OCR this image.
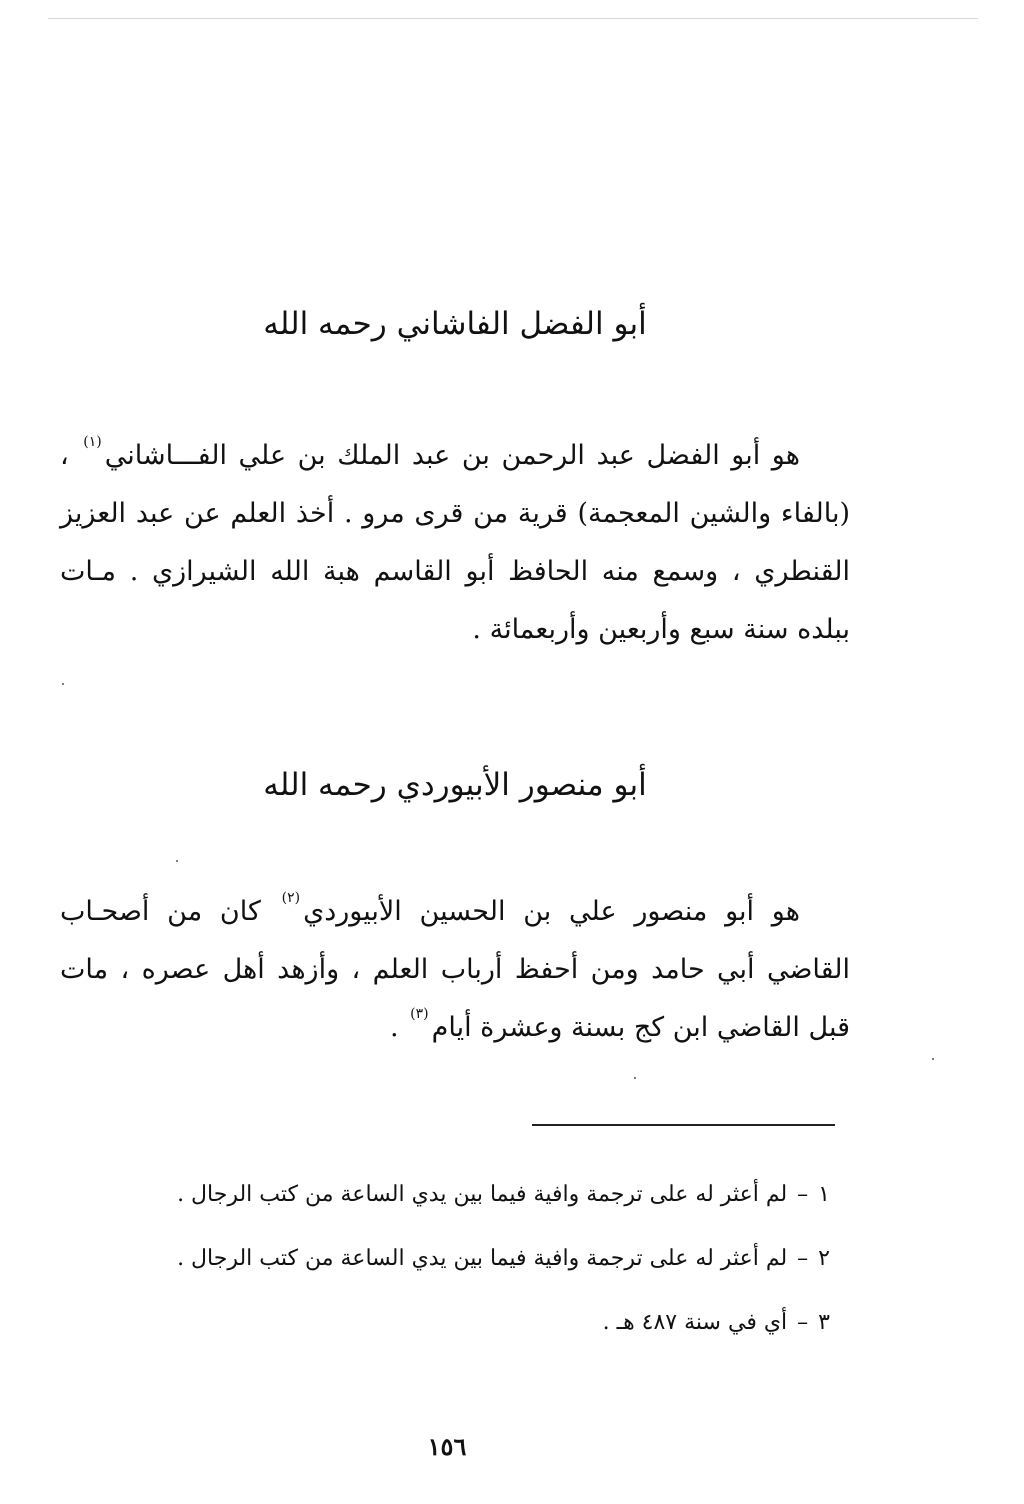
أبو الفضل الفاشاني رحمه الله
هو أبو الفضل عبد الرحمن بن عبد الملك بن علي الفـــاشاني$^{(١)}$ ،
(بالفاء والشين المعجمة) قرية من قرى مرو . أخذ العلم عن عبد العزيز
القنطري ، وسمع منه الحافظ أبو القاسم هبة الله الشيرازي . مـات
ببلده سنة سبع وأربعين وأربعمائة .
أبو منصور الأبيوردي رحمه الله
هو أبو منصور علي بن الحسين الأبيوردي$^{(٢)}$ كان من أصحـاب
القاضي أبي حامد ومن أحفظ أرباب العلم ، وأزهد أهل عصره ، مات
قبل القاضي ابن كج بسنة وعشرة أيام$^{(٣)}$ .
١–لم أعثر له على ترجمة وافية فيما بين يدي الساعة من كتب الرجال .
٢–لم أعثر له على ترجمة وافية فيما بين يدي الساعة من كتب الرجال .
٣–أي في سنة ٤٨٧ هـ .
١٥٦
